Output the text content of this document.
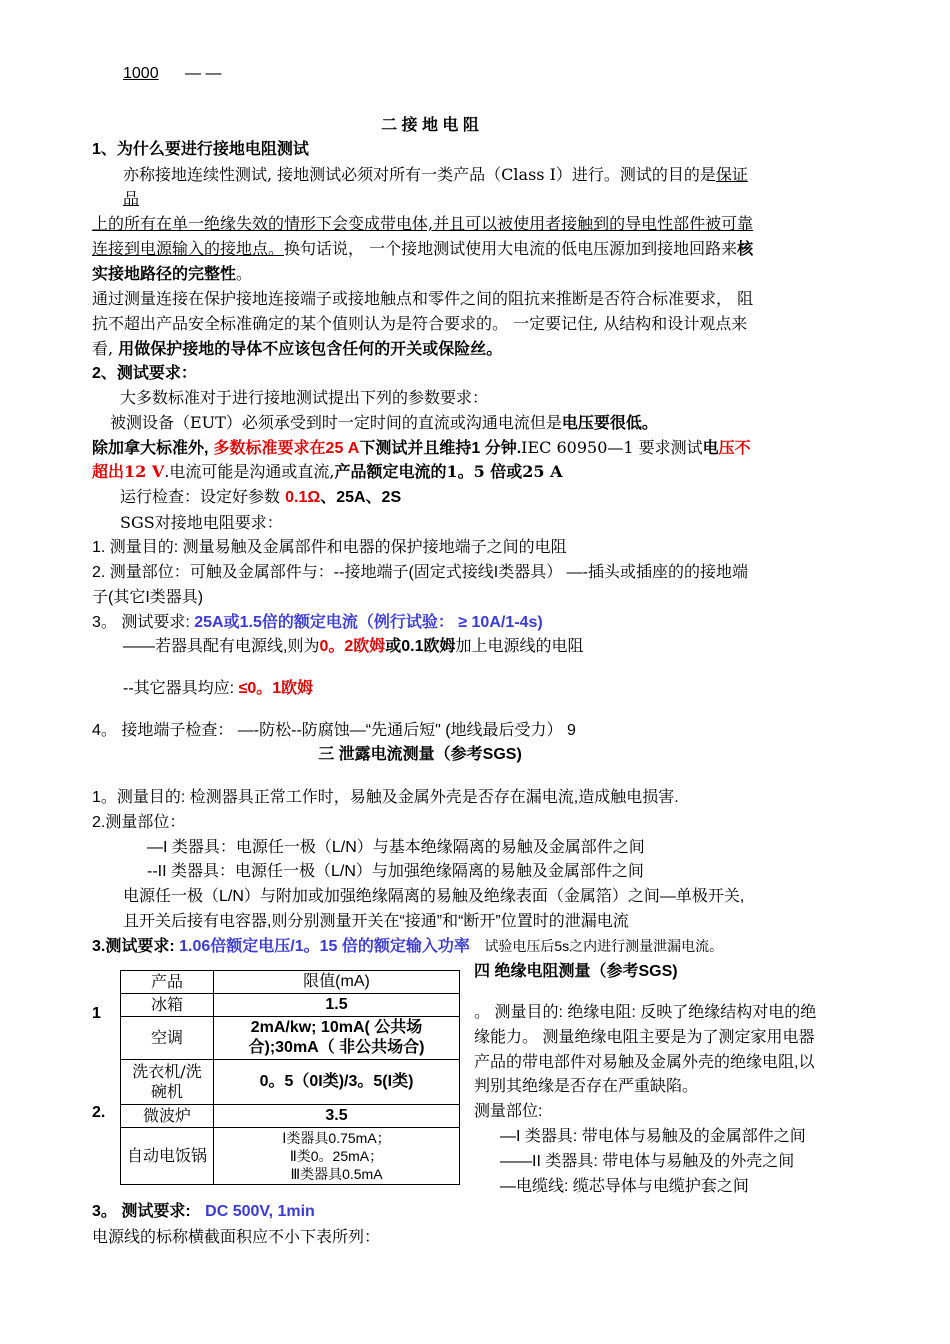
1000 — —
二 接 地 电 阻
1、为什么要进行接地电阻测试
亦称接地连续性测试, 接地测试必须对所有一类产品（Class I）进行。测试的目的是保证
品
上的所有在单一绝缘失效的情形下会变成带电体,并且可以被使用者接触到的导电性部件被可靠
连接到电源输入的接地点。换句话说， 一个接地测试使用大电流的低电压源加到接地回路来核
实接地路径的完整性。
通过测量连接在保护接地连接端子或接地触点和零件之间的阻抗来推断是否符合标准要求， 阻
抗不超出产品安全标准确定的某个值则认为是符合要求的。 一定要记住, 从结构和设计观点来
看, 用做保护接地的导体不应该包含任何的开关或保险丝。
2、测试要求：
大多数标准对于进行接地测试提出下列的参数要求：
被测设备（EUT）必须承受到时一定时间的直流或沟通电流但是电压要很低。
除加拿大标准外, 多数标准要求在25 A下测试并且维持1 分钟.IEC 60950—1 要求测试电压不
超出12 V.电流可能是沟通或直流,产品额定电流的1。5 倍或25 A
运行检查：设定好参数 0.1Ω、25A、2S
SGS对接地电阻要求：
1. 测量目的: 测量易触及金属部件和电器的保护接地端子之间的电阻
2. 测量部位：可触及金属部件与：--接地端子(固定式接线I类器具） —-插头或插座的的接地端
子(其它I类器具)
3。 测试要求: 25A或1.5倍的额定电流（例行试验： ≥ 10A/1-4s)
——若器具配有电源线,则为0。2欧姆或0.1欧姆加上电源线的电阻
--其它器具均应: ≤0。1欧姆
4。 接地端子检查： —-防松--防腐蚀—“先通后短" (地线最后受力） 9
三 泄露电流测量（参考SGS)
1。测量目的: 检测器具正常工作时，易触及金属外壳是否存在漏电流,造成触电损害.
2.测量部位：
—I 类器具：电源任一极（L/N）与基本绝缘隔离的易触及金属部件之间
--II 类器具：电源任一极（L/N）与加强绝缘隔离的易触及金属部件之间
电源任一极（L/N）与附加或加强绝缘隔离的易触及绝缘表面（金属箔）之间—单极开关,
且开关后接有电容器,则分别测量开关在“接通”和“断开”位置时的泄漏电流
3.测试要求: 1.06倍额定电压/1。15 倍的额定输入功率 试验电压后5s之内进行测量泄漏电流。
1
2.
产品	限值(mA)
冰箱	1.5
空调	2mA/kw; 10mA( 公共场合);30mA（ 非公共场合)
洗衣机/洗碗机	0。5（0I类)/3。5(I类)
微波炉	3.5
自动电饭锅	Ⅰ类器具0.75mA；
Ⅱ类0。25mA；
Ⅲ类器具0.5mA
四 绝缘电阻测量（参考SGS)
。 测量目的: 绝缘电阻: 反映了绝缘结构对电的绝
缘能力。 测量绝缘电阻主要是为了测定家用电器
产品的带电部件对易触及金属外壳的绝缘电阻,以
判别其绝缘是否存在严重缺陷。
测量部位:
—I 类器具: 带电体与易触及的金属部件之间
——II 类器具: 带电体与易触及的外壳之间
—电缆线: 缆芯导体与电缆护套之间
3。 测试要求: DC 500V, 1min
电源线的标称横截面积应不小下表所列：
